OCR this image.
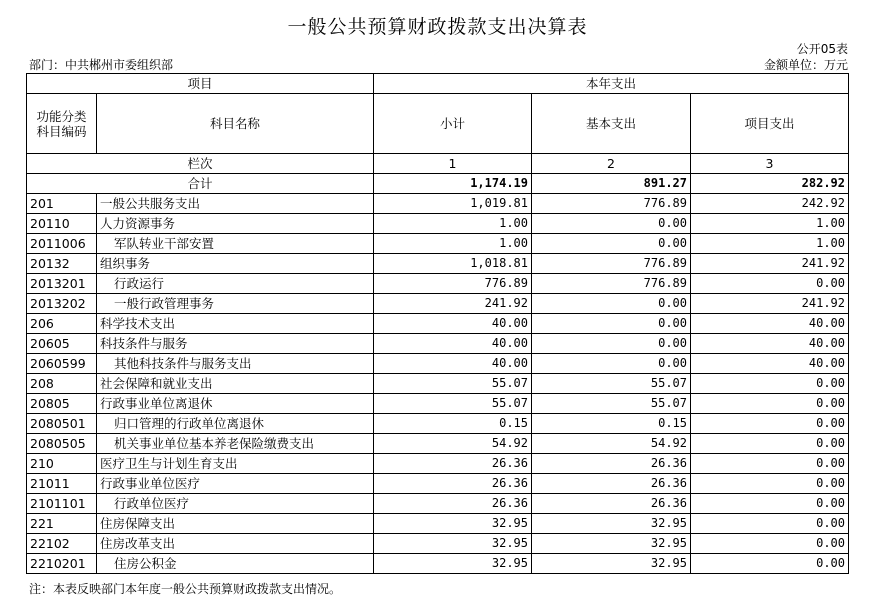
一般公共预算财政拨款支出决算表
公开05表
部门：中共郴州市委组织部	金额单位：万元
项目		本年支出		

功能分类
科目编码	科目名称	小计	基本支出	项目支出
栏次		1	2	3
合计		1,174.19	891.27	282.92
201	一般公共服务支出	1,019.81	776.89	242.92
20110	人力资源事务	1.00	0.00	1.00
2011006	军队转业干部安置	1.00	0.00	1.00
20132	组织事务	1,018.81	776.89	241.92
2013201	行政运行	776.89	776.89	0.00
2013202	一般行政管理事务	241.92	0.00	241.92
206	科学技术支出	40.00	0.00	40.00
20605	科技条件与服务	40.00	0.00	40.00
2060599	其他科技条件与服务支出	40.00	0.00	40.00
208	社会保障和就业支出	55.07	55.07	0.00
20805	行政事业单位离退休	55.07	55.07	0.00
2080501	归口管理的行政单位离退休	0.15	0.15	0.00
2080505	机关事业单位基本养老保险缴费支出	54.92	54.92	0.00
210	医疗卫生与计划生育支出	26.36	26.36	0.00
21011	行政事业单位医疗	26.36	26.36	0.00
2101101	行政单位医疗	26.36	26.36	0.00
221	住房保障支出	32.95	32.95	0.00
22102	住房改革支出	32.95	32.95	0.00
2210201	住房公积金	32.95	32.95	0.00
注：本表反映部门本年度一般公共预算财政拨款支出情况。
